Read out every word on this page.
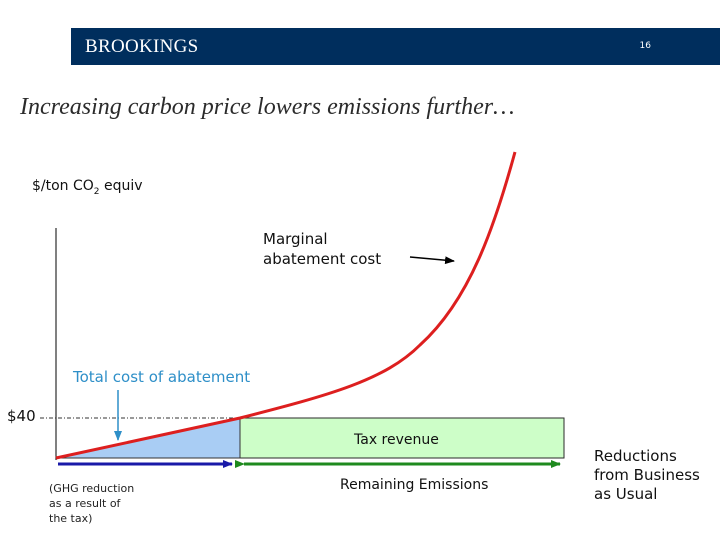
BROOKINGS	16
Increasing carbon price lowers emissions further…

$/ton $CO_2$ equiv

Marginal
abatement cost

Total cost of abatement

$40

Tax revenue

Remaining Emissions

(GHG reduction
as a result of
the tax)

Reductions
from Business
as Usual
